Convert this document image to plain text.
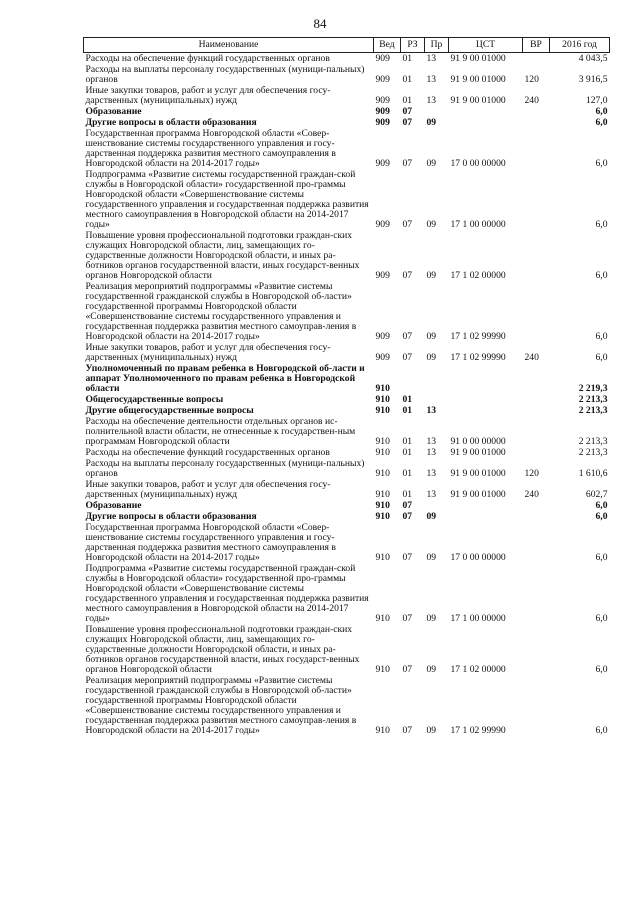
84
Наименование	Вед	РЗ	Пр	ЦСТ	ВР	2016 год
Расходы на обеспечение функций государственных органов	909	01	13	91 9 00 01000		4 043,5
Расходы на выплаты персоналу государственных (муници-пальных) органов	909	01	13	91 9 00 01000	120	3 916,5
Иные закупки товаров, работ и услуг для обеспечения госу-дарственных (муниципальных) нужд	909	01	13	91 9 00 01000	240	127,0
Образование	909	07				6,0
Другие вопросы в области образования	909	07	09			6,0
Государственная программа Новгородской области «Совер-шенствование системы государственного управления и госу-дарственная поддержка развития местного самоуправления в Новгородской области на 2014-2017 годы»	909	07	09	17 0 00 00000		6,0
Подпрограмма «Развитие системы государственной граждан-ской службы в Новгородской области» государственной про-граммы Новгородской области «Совершенствование системы государственного управления и государственная поддержка развития местного самоуправления в Новгородской области на 2014-2017 годы»	909	07	09	17 1 00 00000		6,0
Повышение уровня профессиональной подготовки граждан-ских служащих Новгородской области, лиц, замещающих го-сударственные должности Новгородской области, и иных ра-ботников органов государственной власти, иных государст-венных органов Новгородской области	909	07	09	17 1 02 00000		6,0
Реализация мероприятий подпрограммы «Развитие системы государственной гражданской службы в Новгородской об-ласти» государственной программы Новгородской области «Совершенствование системы государственного управления и государственная поддержка развития местного самоуправ-ления в Новгородской области на 2014-2017 годы»	909	07	09	17 1 02 99990		6,0
Иные закупки товаров, работ и услуг для обеспечения госу-дарственных (муниципальных) нужд	909	07	09	17 1 02 99990	240	6,0
Уполномоченный по правам ребенка в Новгородской об-ласти и аппарат Уполномоченного по правам ребенка в Новгородской области	910					2 219,3
Общегосударственные вопросы	910	01				2 213,3
Другие общегосударственные вопросы	910	01	13			2 213,3
Расходы на обеспечение деятельности отдельных органов ис-полнительной власти области, не отнесенные к государствен-ным программам Новгородской области	910	01	13	91 0 00 00000		2 213,3
Расходы на обеспечение функций государственных органов	910	01	13	91 9 00 01000		2 213,3
Расходы на выплаты персоналу государственных (муници-пальных) органов	910	01	13	91 9 00 01000	120	1 610,6
Иные закупки товаров, работ и услуг для обеспечения госу-дарственных (муниципальных) нужд	910	01	13	91 9 00 01000	240	602,7
Образование	910	07				6,0
Другие вопросы в области образования	910	07	09			6,0
Государственная программа Новгородской области «Совер-шенствование системы государственного управления и госу-дарственная поддержка развития местного самоуправления в Новгородской области на 2014-2017 годы»	910	07	09	17 0 00 00000		6,0
Подпрограмма «Развитие системы государственной граждан-ской службы в Новгородской области» государственной про-граммы Новгородской области «Совершенствование системы государственного управления и государственная поддержка развития местного самоуправления в Новгородской области на 2014-2017 годы»	910	07	09	17 1 00 00000		6,0
Повышение уровня профессиональной подготовки граждан-ских служащих Новгородской области, лиц, замещающих го-сударственные должности Новгородской области, и иных ра-ботников органов государственной власти, иных государст-венных органов Новгородской области	910	07	09	17 1 02 00000		6,0
Реализация мероприятий подпрограммы «Развитие системы государственной гражданской службы в Новгородской об-ласти» государственной программы Новгородской области «Совершенствование системы государственного управления и государственная поддержка развития местного самоуправ-ления в Новгородской области на 2014-2017 годы»	910	07	09	17 1 02 99990		6,0
